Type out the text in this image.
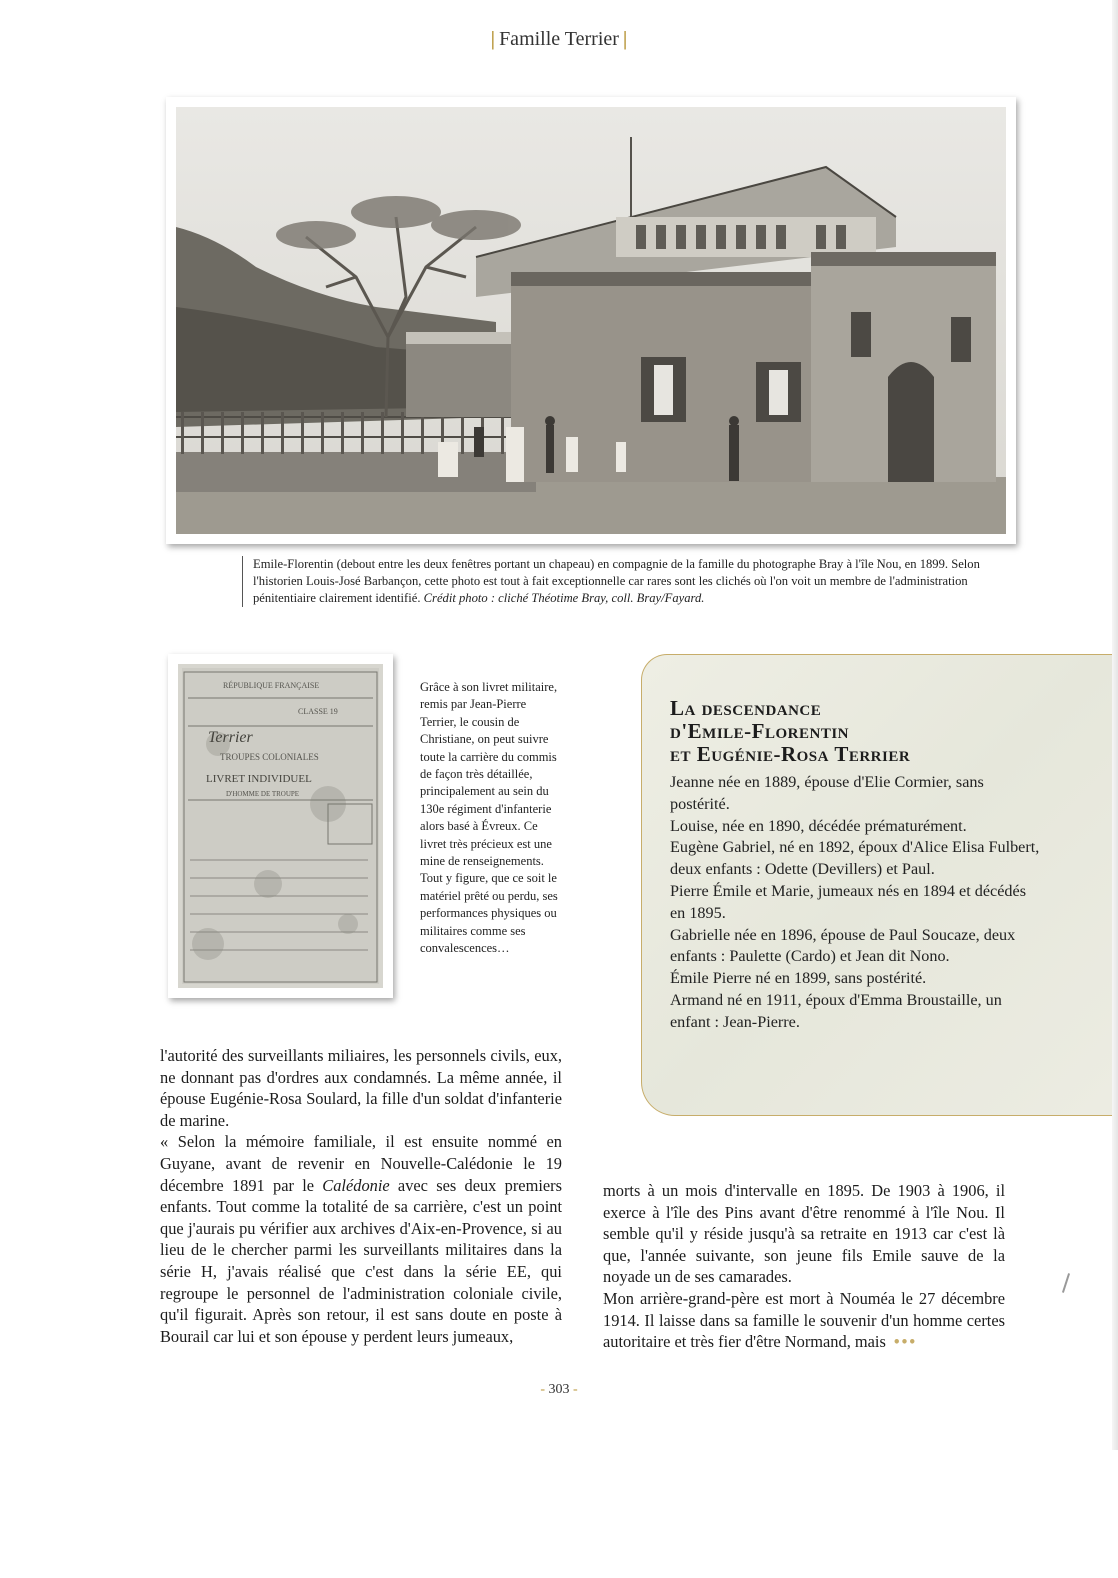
| Famille Terrier |
Emile-Florentin (debout entre les deux fenêtres portant un chapeau) en compagnie de la famille du photographe Bray à l'île Nou, en 1899. Selon l'historien Louis-José Barbançon, cette photo est tout à fait exceptionnelle car rares sont les clichés où l'on voit un membre de l'administration pénitentiaire clairement identifié. Crédit photo : cliché Théotime Bray, coll. Bray/Fayard.
RÉPUBLIQUE FRANÇAISE
CLASSE 19
Terrier
TROUPES COLONIALES
LIVRET INDIVIDUEL
D'HOMME DE TROUPE
Grâce à son livret militaire, remis par Jean-Pierre Terrier, le cousin de Christiane, on peut suivre toute la carrière du commis de façon très détaillée, principalement au sein du 130e régiment d'infanterie alors basé à Évreux. Ce livret très précieux est une mine de renseignements. Tout y figure, que ce soit le matériel prêté ou perdu, ses performances physiques ou militaires comme ses convalescences…
La descendance
d'Emile-Florentin
et Eugénie-Rosa Terrier
Jeanne née en 1889, épouse d'Elie Cormier, sans postérité.
Louise, née en 1890, décédée prématurément.
Eugène Gabriel, né en 1892, époux d'Alice Elisa Fulbert, deux enfants : Odette (Devillers) et Paul.
Pierre Émile et Marie, jumeaux nés en 1894 et décédés en 1895.
Gabrielle née en 1896, épouse de Paul Soucaze, deux enfants : Paulette (Cardo) et Jean dit Nono.
Émile Pierre né en 1899, sans postérité.
Armand né en 1911, époux d'Emma Broustaille, un enfant : Jean-Pierre.

l'autorité des surveillants miliaires, les personnels civils, eux, ne donnant pas d'ordres aux condamnés. La même année, il épouse Eugénie-Rosa Soulard, la fille d'un soldat d'infanterie de marine.

« Selon la mémoire familiale, il est ensuite nommé en Guyane, avant de revenir en Nouvelle-Calédonie le 19 décembre 1891 par le Calédonie avec ses deux premiers enfants. Tout comme la totalité de sa carrière, c'est un point que j'aurais pu vérifier aux archives d'Aix-en-Provence, si au lieu de le chercher parmi les surveillants militaires dans la série H, j'avais réalisé que c'est dans la série EE, qui regroupe le personnel de l'administration coloniale civile, qu'il figurait. Après son retour, il est sans doute en poste à Bourail car lui et son épouse y perdent leurs jumeaux,

morts à un mois d'intervalle en 1895. De 1903 à 1906, il exerce à l'île des Pins avant d'être renommé à l'île Nou. Il semble qu'il y réside jusqu'à sa retraite en 1913 car c'est là que, l'année suivante, son jeune fils Emile sauve de la noyade un de ses camarades.

Mon arrière-grand-père est mort à Nouméa le 27 décembre 1914. Il laisse dans sa famille le souvenir d'un homme certes autoritaire et très fier d'être Normand, mais •••

- 303 -
